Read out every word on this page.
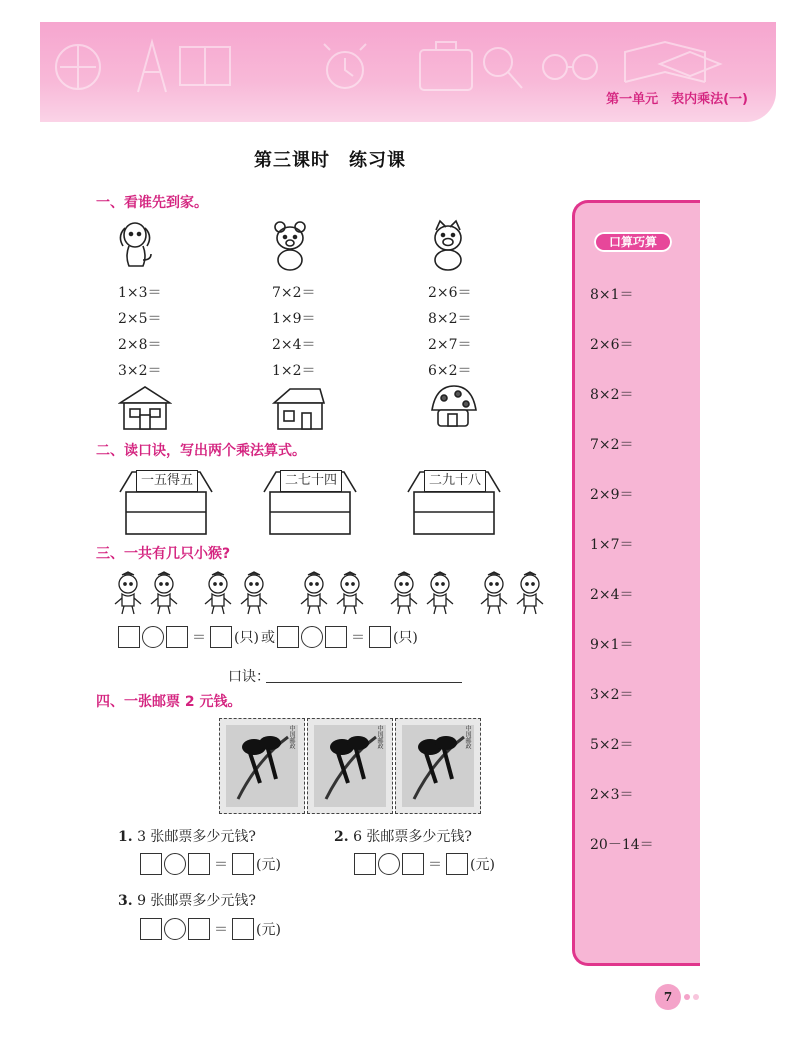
第一单元　表内乘法(一)
第三课时　练习课
一、看谁先到家。
1×3＝
2×5＝
2×8＝
3×2＝
7×2＝
1×9＝
2×4＝
1×2＝
2×6＝
8×2＝
2×7＝
6×2＝
二、读口诀，写出两个乘法算式。
一五得五	二七十四	二九十八
三、一共有几只小猴?
＝ (只) 或	＝ (只)
口诀：
四、一张邮票 2 元钱。
中国邮政	中国邮政	中国邮政
1. 3 张邮票多少元钱?	2. 6 张邮票多少元钱?
＝ (元)	＝ (元)
3. 9 张邮票多少元钱?
＝ (元)
口算巧算
8×1＝
2×6＝
8×2＝
7×2＝
2×9＝
1×7＝
2×4＝
9×1＝
3×2＝
5×2＝
2×3＝
20－14＝
7
